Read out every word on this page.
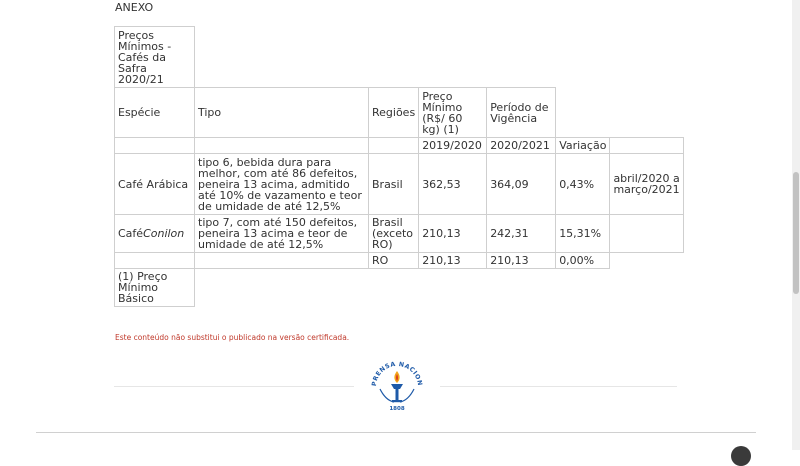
ANEXO
Preços Mínimos - Cafés da Safra 2020/21						
Espécie	Tipo	Regiões	Preço Mínimo (R$/ 60 kg) (1)	Período de Vigência		
			2019/2020	2020/2021	Variação	
Café Arábica	tipo 6, bebida dura para melhor, com até 86 defeitos, peneira 13 acima, admitido até 10% de vazamento e teor de umidade de até 12,5%	Brasil	362,53	364,09	0,43%	abril/2020 a março/2021
CaféConilon	tipo 7, com até 150 defeitos, peneira 13 acima e teor de umidade de até 12,5%	Brasil (exceto RO)	210,13	242,31	15,31%	
		RO	210,13	210,13	0,00%	
(1) Preço Mínimo Básico						
Este conteúdo não substitui o publicado na versão certificada.
PRENSA NACION
1808
